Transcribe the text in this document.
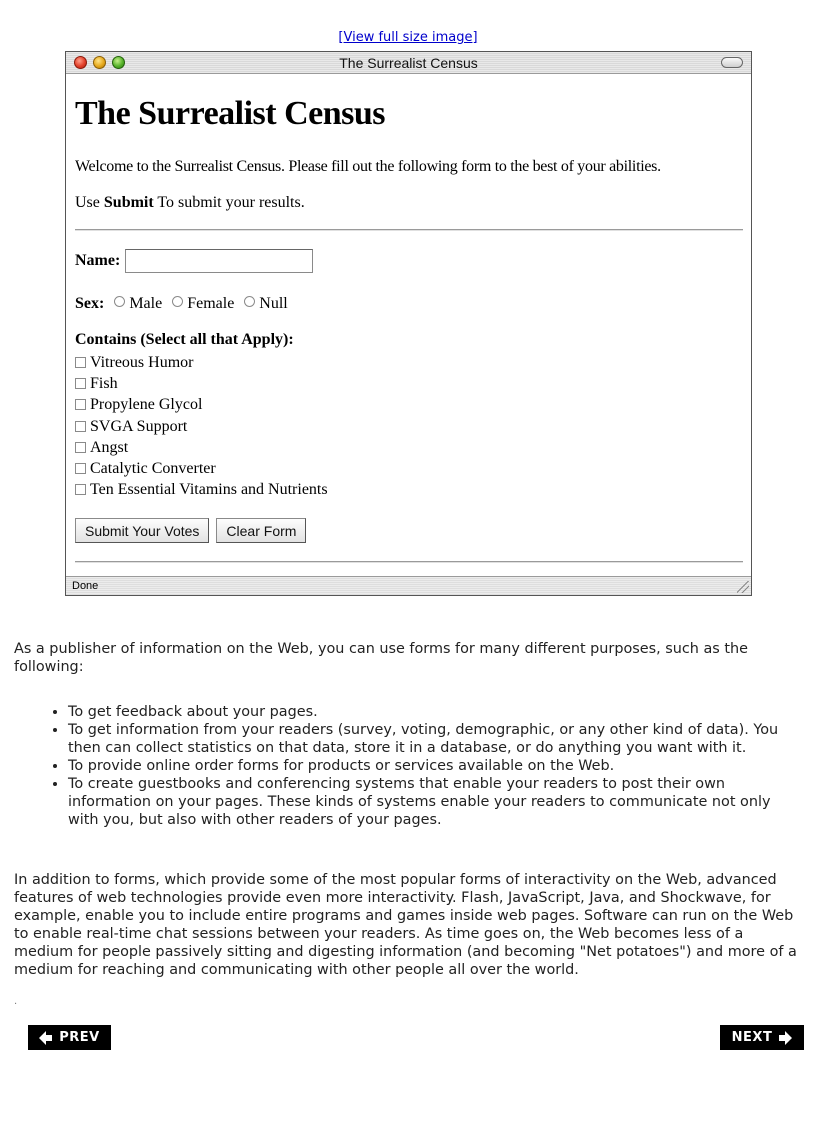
[View full size image]
The Surrealist Census
The Surrealist Census
Welcome to the Surrealist Census. Please fill out the following form to the best of your abilities.
Use Submit To submit your results.
Name:
Sex: Male Female Null
Contains (Select all that Apply):
Vitreous Humor
Fish
Propylene Glycol
SVGA Support
Angst
Catalytic Converter
Ten Essential Vitamins and Nutrients
Submit Your Votes	Clear Form
Done
As a publisher of information on the Web, you can use forms for many different purposes, such as the following:
• To get feedback about your pages.
• To get information from your readers (survey, voting, demographic, or any other kind of data). You then can collect statistics on that data, store it in a database, or do anything you want with it.
• To provide online order forms for products or services available on the Web.
• To create guestbooks and conferencing systems that enable your readers to post their own information on your pages. These kinds of systems enable your readers to communicate not only with you, but also with other readers of your pages.
In addition to forms, which provide some of the most popular forms of interactivity on the Web, advanced features of web technologies provide even more interactivity. Flash, JavaScript, Java, and Shockwave, for example, enable you to include entire programs and games inside web pages. Software can run on the Web to enable real-time chat sessions between your readers. As time goes on, the Web becomes less of a medium for people passively sitting and digesting information (and becoming "Net potatoes") and more of a medium for reaching and communicating with other people all over the world.
.
PREV	NEXT
